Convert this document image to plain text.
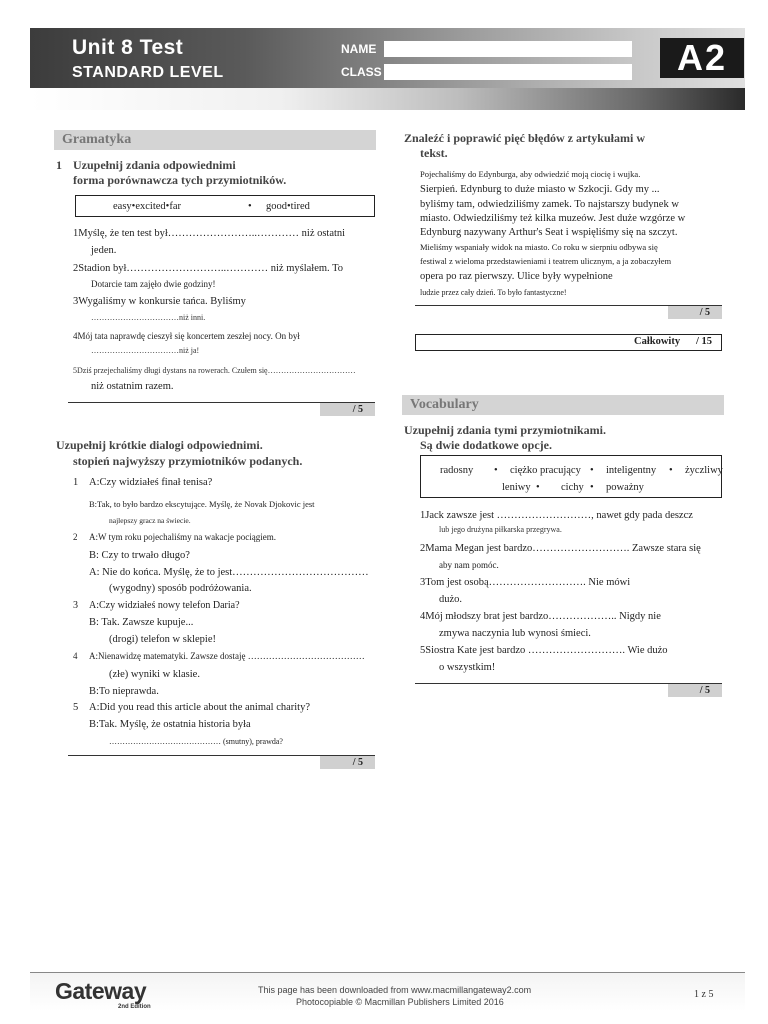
Unit 8 Test
STANDARD LEVEL
NAME
CLASS	A2
Gramatyka
1 Uzupełnij zdania odpowiednimi
forma porównawcza tych przymiotników.
easy•excited•far	• good•tired
1Myślę, że ten test był……………………..………… niż ostatni
jeden.
2Stadion był………………………..………… niż myślałem. To
Dotarcie tam zajęło dwie godziny!
3Wygaliśmy w konkursie tańca. Byliśmy
……………………………niż inni.
4Mój tata naprawdę cieszył się koncertem zeszłej nocy. On był
……………………………niż ja!
5Dziś przejechaliśmy długi dystans na rowerach. Czułem się……………………………
niż ostatnim razem.
/ 5
Uzupełnij krótkie dialogi odpowiednimi.
stopień najwyższy przymiotników podanych.
1 A:Czy widziałeś finał tenisa?
B:Tak, to było bardzo ekscytujące. Myślę, że Novak Djokovic jest
najlepszy gracz na świecie.
2 A:W tym roku pojechaliśmy na wakacje pociągiem.
B: Czy to trwało długo?
A: Nie do końca. Myślę, że to jest…………………………………
(wygodny) sposób podróżowania.
3 A:Czy widziałeś nowy telefon Daria?
B: Tak. Zawsze kupuje...
(drogi) telefon w sklepie!
4 A:Nienawidzę matematyki. Zawsze dostaję …………………………………
(złe) wyniki w klasie.
B:To nieprawda.
5 A:Did you read this article about the animal charity?
B:Tak. Myślę, że ostatnia historia była
…………………………………… (smutny), prawda?
/ 5
Znaleźć i poprawić pięć błędów z artykułami w
tekst.
Pojechaliśmy do Edynburga, aby odwiedzić moją ciocię i wujka.
Sierpień. Edynburg to duże miasto w Szkocji. Gdy my ...
byliśmy tam, odwiedziliśmy zamek. To najstarszy budynek w
miasto. Odwiedziliśmy też kilka muzeów. Jest duże wzgórze w
Edynburg nazywany Arthur's Seat i wspięliśmy się na szczyt.
Mieliśmy wspaniały widok na miasto. Co roku w sierpniu odbywa się
festiwal z wieloma przedstawieniami i teatrem ulicznym, a ja zobaczyłem
opera po raz pierwszy. Ulice były wypełnione
ludzie przez cały dzień. To było fantastyczne!
/ 5
Całkowity / 15
Vocabulary
Uzupełnij zdania tymi przymiotnikami.
Są dwie dodatkowe opcje.
radosny • ciężko pracujący • inteligentny • życzliwy
leniwy • cichy • poważny
1Jack zawsze jest ………………………, nawet gdy pada deszcz
lub jego drużyna piłkarska przegrywa.
2Mama Megan jest bardzo………………………. Zawsze stara się
aby nam pomóc.
3Tom jest osobą………………………. Nie mówi
dużo.
4Mój młodszy brat jest bardzo……………….. Nigdy nie
zmywa naczynia lub wynosi śmieci.
5Siostra Kate jest bardzo ………………………. Wie dużo
o wszystkim!
/ 5
Gateway
2nd Edition
This page has been downloaded from www.macmillangateway2.com
Photocopiable © Macmillan Publishers Limited 2016
1 z 5
